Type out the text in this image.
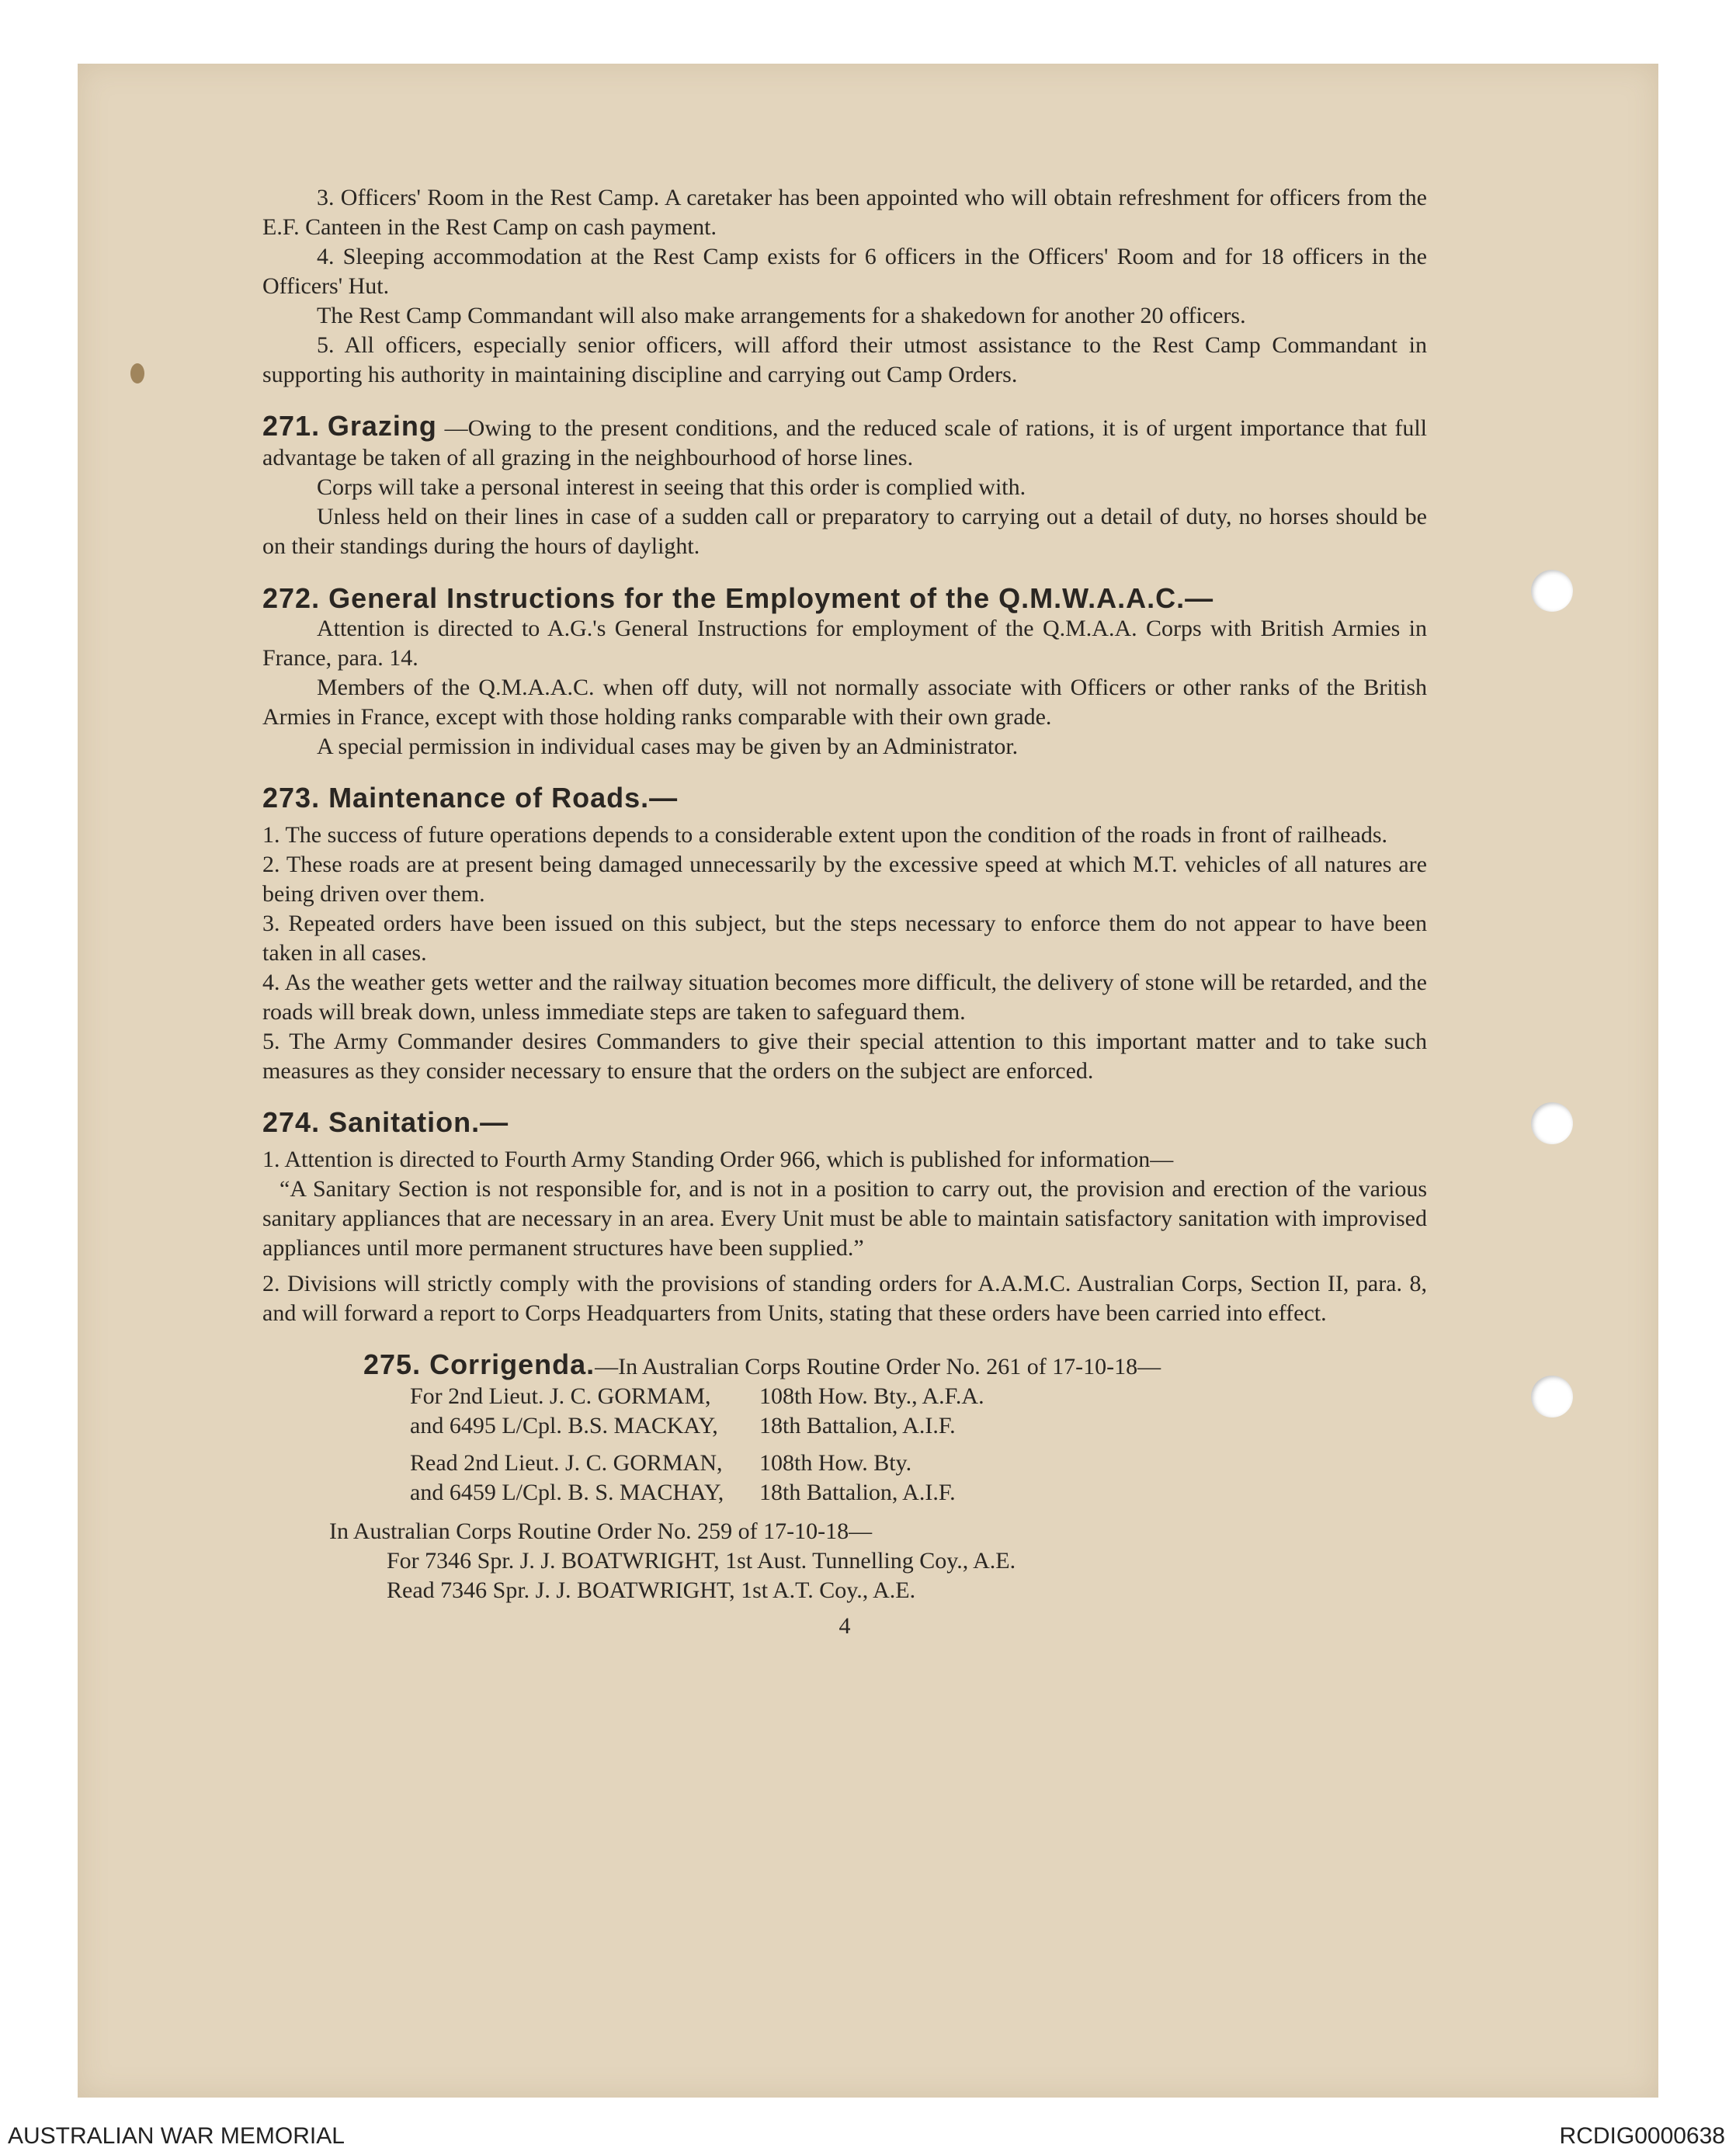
3. Officers' Room in the Rest Camp. A caretaker has been appointed who will obtain refreshment for officers from the E.F. Canteen in the Rest Camp on cash payment.

4. Sleeping accommodation at the Rest Camp exists for 6 officers in the Officers' Room and for 18 officers in the Officers' Hut.

The Rest Camp Commandant will also make arrangements for a shakedown for another 20 officers.

5. All officers, especially senior officers, will afford their utmost assistance to the Rest Camp Commandant in supporting his authority in maintaining discipline and carrying out Camp Orders.

271. Grazing —Owing to the present conditions, and the reduced scale of rations, it is of urgent importance that full advantage be taken of all grazing in the neighbourhood of horse lines.

Corps will take a personal interest in seeing that this order is complied with.

Unless held on their lines in case of a sudden call or preparatory to carrying out a detail of duty, no horses should be on their standings during the hours of daylight.

272. General Instructions for the Employment of the Q.M.W.A.A.C.—

Attention is directed to A.G.'s General Instructions for employment of the Q.M.A.A. Corps with British Armies in France, para. 14.

Members of the Q.M.A.A.C. when off duty, will not normally associate with Officers or other ranks of the British Armies in France, except with those holding ranks comparable with their own grade.

A special permission in individual cases may be given by an Administrator.

273. Maintenance of Roads.—

1. The success of future operations depends to a considerable extent upon the condition of the roads in front of railheads.

2. These roads are at present being damaged unnecessarily by the excessive speed at which M.T. vehicles of all natures are being driven over them.

3. Repeated orders have been issued on this subject, but the steps necessary to enforce them do not appear to have been taken in all cases.

4. As the weather gets wetter and the railway situation becomes more difficult, the delivery of stone will be retarded, and the roads will break down, unless immediate steps are taken to safeguard them.

5. The Army Commander desires Commanders to give their special attention to this important matter and to take such measures as they consider necessary to ensure that the orders on the subject are enforced.

274. Sanitation.—

1. Attention is directed to Fourth Army Standing Order 966, which is published for information—

“A Sanitary Section is not responsible for, and is not in a position to carry out, the provision and erection of the various sanitary appliances that are necessary in an area. Every Unit must be able to maintain satisfactory sanitation with improvised appliances until more permanent structures have been supplied.”

2. Divisions will strictly comply with the provisions of standing orders for A.A.M.C. Australian Corps, Section II, para. 8, and will forward a report to Corps Headquarters from Units, stating that these orders have been carried into effect.

275. Corrigenda.—In Australian Corps Routine Order No. 261 of 17-10-18—

For 2nd Lieut. J. C. GORMAM,	108th How. Bty., A.F.A.
and 6495 L/Cpl. B.S. MACKAY,	18th Battalion, A.I.F.
Read 2nd Lieut. J. C. GORMAN,	108th How. Bty.
and 6459 L/Cpl. B. S. MACHAY,	18th Battalion, A.I.F.

In Australian Corps Routine Order No. 259 of 17-10-18—

For 7346 Spr. J. J. BOATWRIGHT, 1st Aust. Tunnelling Coy., A.E.

Read 7346 Spr. J. J. BOATWRIGHT, 1st A.T. Coy., A.E.

4

AUSTRALIAN WAR MEMORIAL	RCDIG0000638
